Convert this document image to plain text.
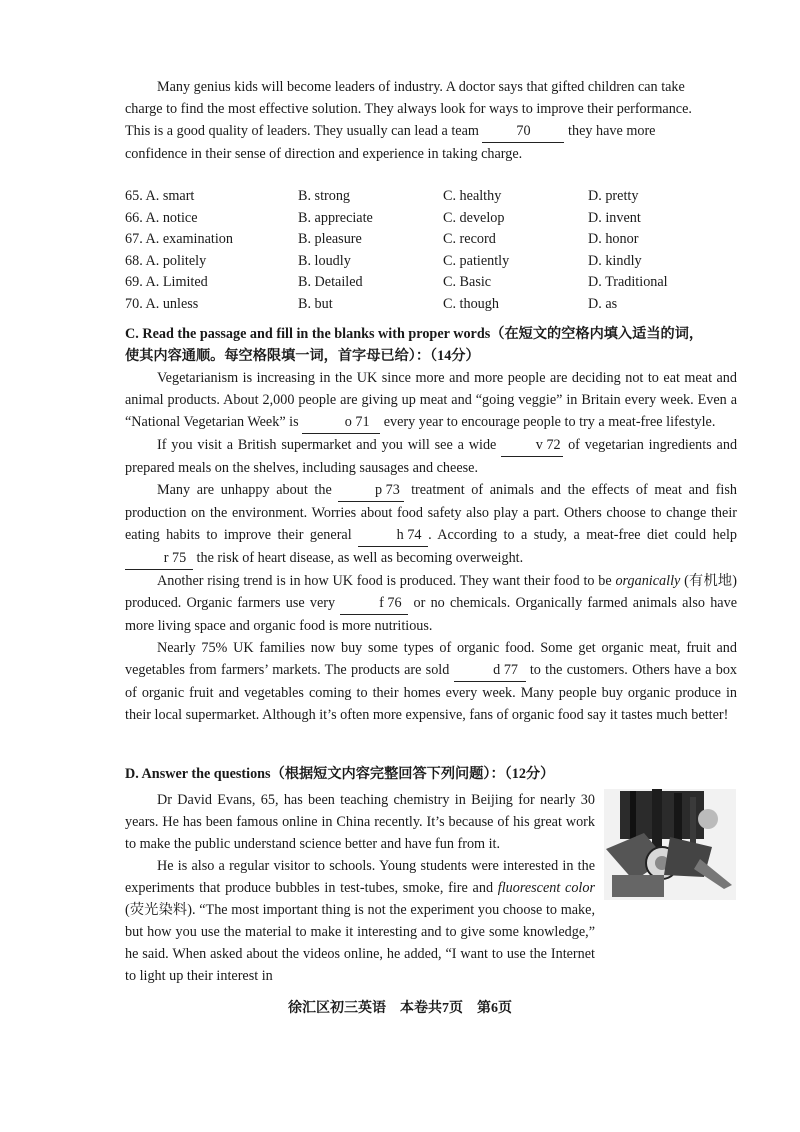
Many genius kids will become leaders of industry. A doctor says that gifted children can take

charge to find the most effective solution. They always look for ways to improve their performance.

This is a good quality of leaders. They usually can lead a team	70	they have more

confidence in their sense of direction and experience in taking charge.

65. A. smart	B. strong	C. healthy	D. pretty
66. A. notice	B. appreciate	C. develop	D. invent
67. A. examination	B. pleasure	C. record	D. honor
68. A. politely	B. loudly	C. patiently	D. kindly
69. A. Limited	B. Detailed	C. Basic	D. Traditional
70. A. unless	B. but	C. though	D. as

C. Read the passage and fill in the blanks with proper words（在短文的空格内填入适当的词，

使其内容通顺。每空格限填一词，首字母已给）：（14分）

Vegetarianism is increasing in the UK since more and more people are deciding not to eat meat and animal products. About 2,000 people are giving up meat and “going veggie” in Britain every week. Even a “National Vegetarian Week” is	o 71 every year to encourage people to try a meat-free lifestyle.

If you visit a British supermarket and you will see a wide	v 72 of vegetarian ingredients and prepared meals on the shelves, including sausages and cheese.

Many are unhappy about the	p 73 treatment of animals and the effects of meat and fish production on the environment. Worries about food safety also play a part. Others choose to change their eating habits to improve their general	h 74 . According to a study, a meat-free diet could help r 75 the risk of heart disease, as well as becoming overweight.

Another rising trend is in how UK food is produced. They want their food to be organically (有机地) produced. Organic farmers use very	f 76 or no chemicals. Organically farmed animals also have more living space and organic food is more nutritious.

Nearly 75% UK families now buy some types of organic food. Some get organic meat, fruit and vegetables from farmers’ markets. The products are sold	d 77 to the customers. Others have a box of organic fruit and vegetables coming to their homes every week. Many people buy organic produce in their local supermarket. Although it’s often more expensive, fans of organic food say it tastes much better!

D. Answer the questions（根据短文内容完整回答下列问题）：（12分）

Dr David Evans, 65, has been teaching chemistry in Beijing for nearly 30 years. He has been famous online in China recently. It’s because of his great work to make the public understand science better and have fun from it.

He is also a regular visitor to schools. Young students were interested in the experiments that produce bubbles in test-tubes, smoke, fire and fluorescent color (荧光染料). “The most important thing is not the experiment you choose to make, but how you use the material to make it interesting and to give some knowledge,” he said. When asked about the videos online, he added, “I want to use the Internet to light up their interest in

徐汇区初三英语　本卷共7页　第6页
